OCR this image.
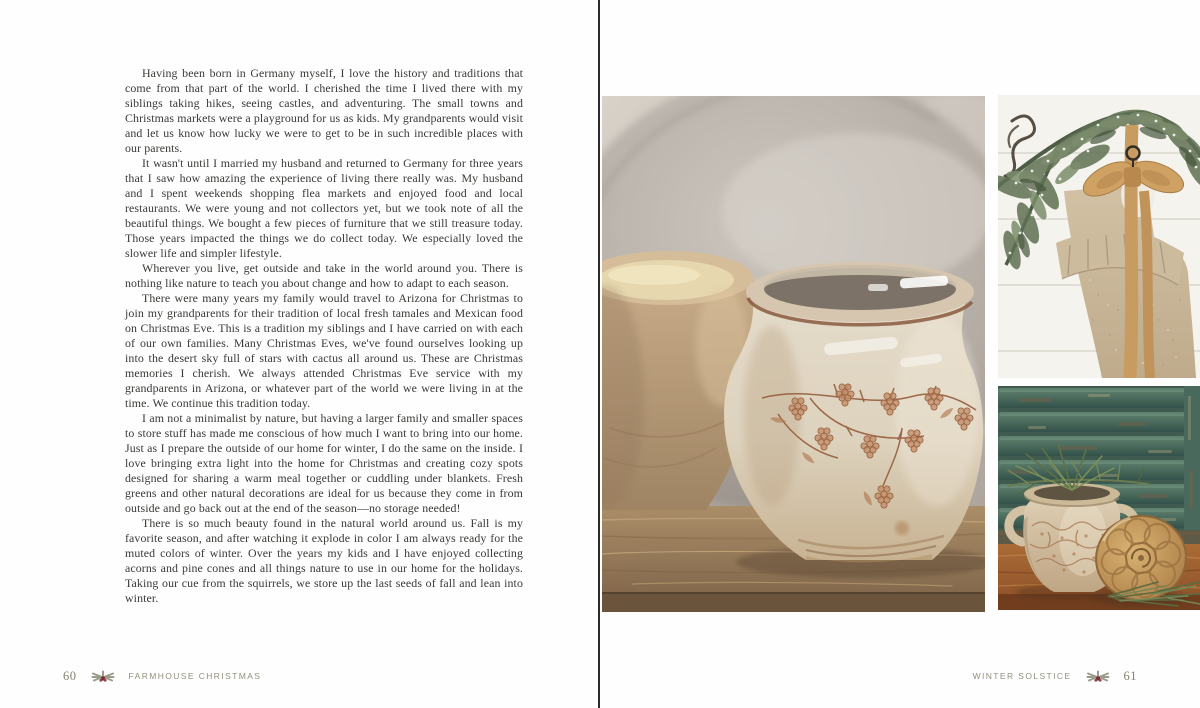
Having been born in Germany myself, I love the history and traditions that come from that part of the world. I cherished the time I lived there with my siblings taking hikes, seeing castles, and adventuring. The small towns and Christmas markets were a playground for us as kids. My grandparents would visit and let us know how lucky we were to get to be in such incredible places with our parents.

It wasn't until I married my husband and returned to Germany for three years that I saw how amazing the experience of living there really was. My husband and I spent weekends shopping flea markets and enjoyed food and local restaurants. We were young and not collectors yet, but we took note of all the beautiful things. We bought a few pieces of furniture that we still treasure today. Those years impacted the things we do collect today. We especially loved the slower life and simpler lifestyle.

Wherever you live, get outside and take in the world around you. There is nothing like nature to teach you about change and how to adapt to each season.

There were many years my family would travel to Arizona for Christmas to join my grandparents for their tradition of local fresh tamales and Mexican food on Christmas Eve. This is a tradition my siblings and I have carried on with each of our own families. Many Christmas Eves, we've found ourselves looking up into the desert sky full of stars with cactus all around us. These are Christmas memories I cherish. We always attended Christmas Eve service with my grandparents in Arizona, or whatever part of the world we were living in at the time. We continue this tradition today.

I am not a minimalist by nature, but having a larger family and smaller spaces to store stuff has made me conscious of how much I want to bring into our home. Just as I prepare the outside of our home for winter, I do the same on the inside. I love bringing extra light into the home for Christmas and creating cozy spots designed for sharing a warm meal together or cuddling under blankets. Fresh greens and other natural decorations are ideal for us because they come in from outside and go back out at the end of the season—no storage needed!

There is so much beauty found in the natural world around us. Fall is my favorite season, and after watching it explode in color I am always ready for the muted colors of winter. Over the years my kids and I have enjoyed collecting acorns and pine cones and all things nature to use in our home for the holidays. Taking our cue from the squirrels, we store up the last seeds of fall and lean into winter.

60	FARMHOUSE CHRISTMAS	WINTER SOLSTICE	61
